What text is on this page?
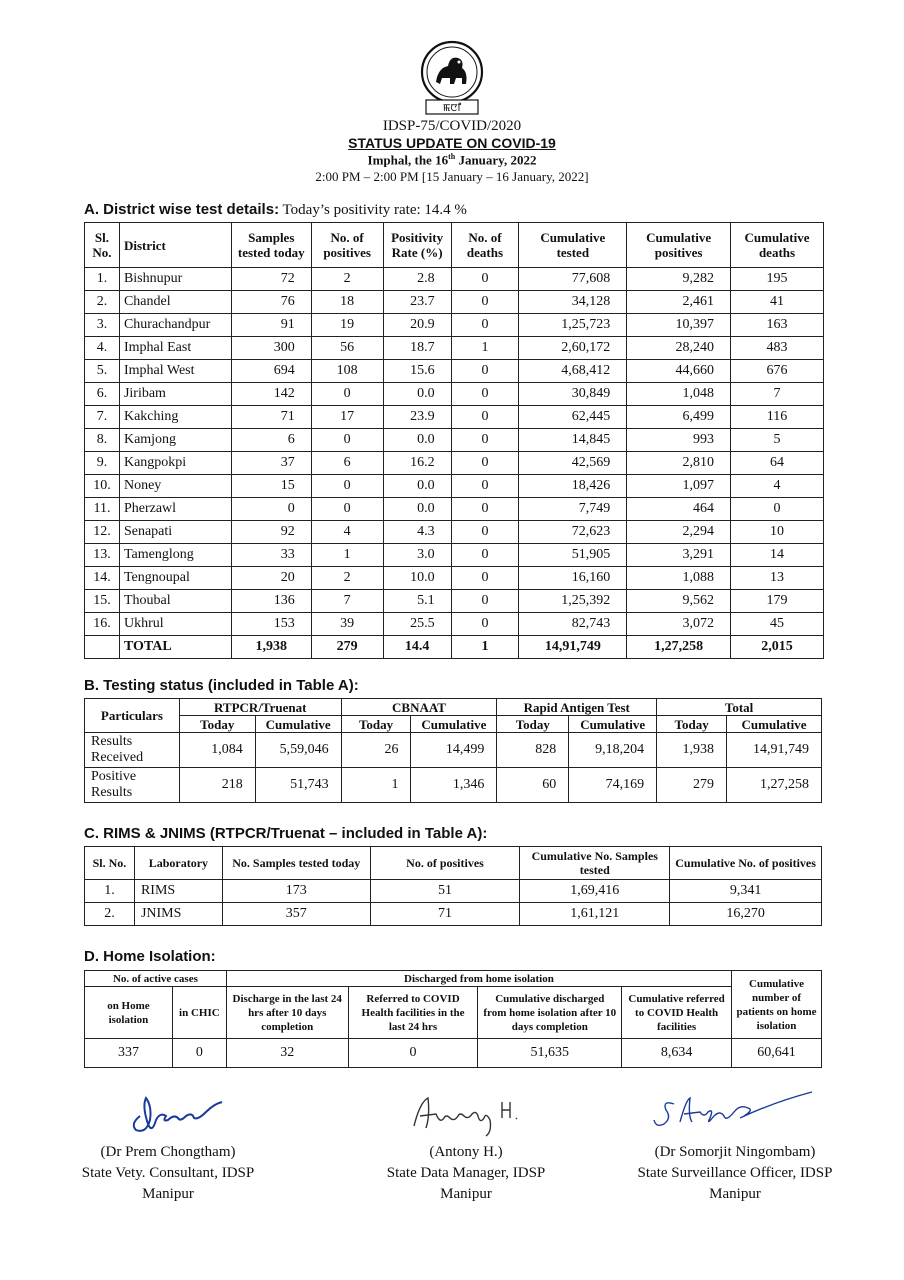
ꯃꯅꯤ
IDSP-75/COVID/2020
STATUS UPDATE ON COVID-19
Imphal, the 16th January, 2022
2:00 PM – 2:00 PM [15 January – 16 January, 2022]
A. District wise test details: Today’s positivity rate: 14.4 %
Sl. No.	District	Samples tested today	No. of positives	Positivity Rate (%)	No. of deaths	Cumulative tested	Cumulative positives	Cumulative deaths
1.	Bishnupur	72	2	2.8	0	77,608	9,282	195
2.	Chandel	76	18	23.7	0	34,128	2,461	41
3.	Churachandpur	91	19	20.9	0	1,25,723	10,397	163
4.	Imphal East	300	56	18.7	1	2,60,172	28,240	483
5.	Imphal West	694	108	15.6	0	4,68,412	44,660	676
6.	Jiribam	142	0	0.0	0	30,849	1,048	7
7.	Kakching	71	17	23.9	0	62,445	6,499	116
8.	Kamjong	6	0	0.0	0	14,845	993	5
9.	Kangpokpi	37	6	16.2	0	42,569	2,810	64
10.	Noney	15	0	0.0	0	18,426	1,097	4
11.	Pherzawl	0	0	0.0	0	7,749	464	0
12.	Senapati	92	4	4.3	0	72,623	2,294	10
13.	Tamenglong	33	1	3.0	0	51,905	3,291	14
14.	Tengnoupal	20	2	10.0	0	16,160	1,088	13
15.	Thoubal	136	7	5.1	0	1,25,392	9,562	179
16.	Ukhrul	153	39	25.5	0	82,743	3,072	45
	TOTAL	1,938	279	14.4	1	14,91,749	1,27,258	2,015
B. Testing status (included in Table A):
Particulars	RTPCR/Truenat		CBNAAT		Rapid Antigen Test		Total	
	Today	Cumulative	Today	Cumulative	Today	Cumulative	Today	Cumulative
Results Received	1,084	5,59,046	26	14,499	828	9,18,204	1,938	14,91,749
Positive Results	218	51,743	1	1,346	60	74,169	279	1,27,258
C. RIMS & JNIMS (RTPCR/Truenat – included in Table A):
Sl. No.	Laboratory	No. Samples tested today	No. of positives	Cumulative No. Samples tested	Cumulative No. of positives
1.	RIMS	173	51	1,69,416	9,341
2.	JNIMS	357	71	1,61,121	16,270
D. Home Isolation:
No. of active cases		Discharged from home isolation				Cumulative number of patients on home isolation
on Home isolation	in CHIC	Discharge in the last 24 hrs after 10 days completion	Referred to COVID Health facilities in the last 24 hrs	Cumulative discharged from home isolation after 10 days completion	Cumulative referred to COVID Health facilities	
337	0	32	0	51,635	8,634	60,641
(Dr Prem Chongtham)
State Vety. Consultant, IDSP
Manipur
(Antony H.)
State Data Manager, IDSP
Manipur
(Dr Somorjit Ningombam)
State Surveillance Officer, IDSP
Manipur
